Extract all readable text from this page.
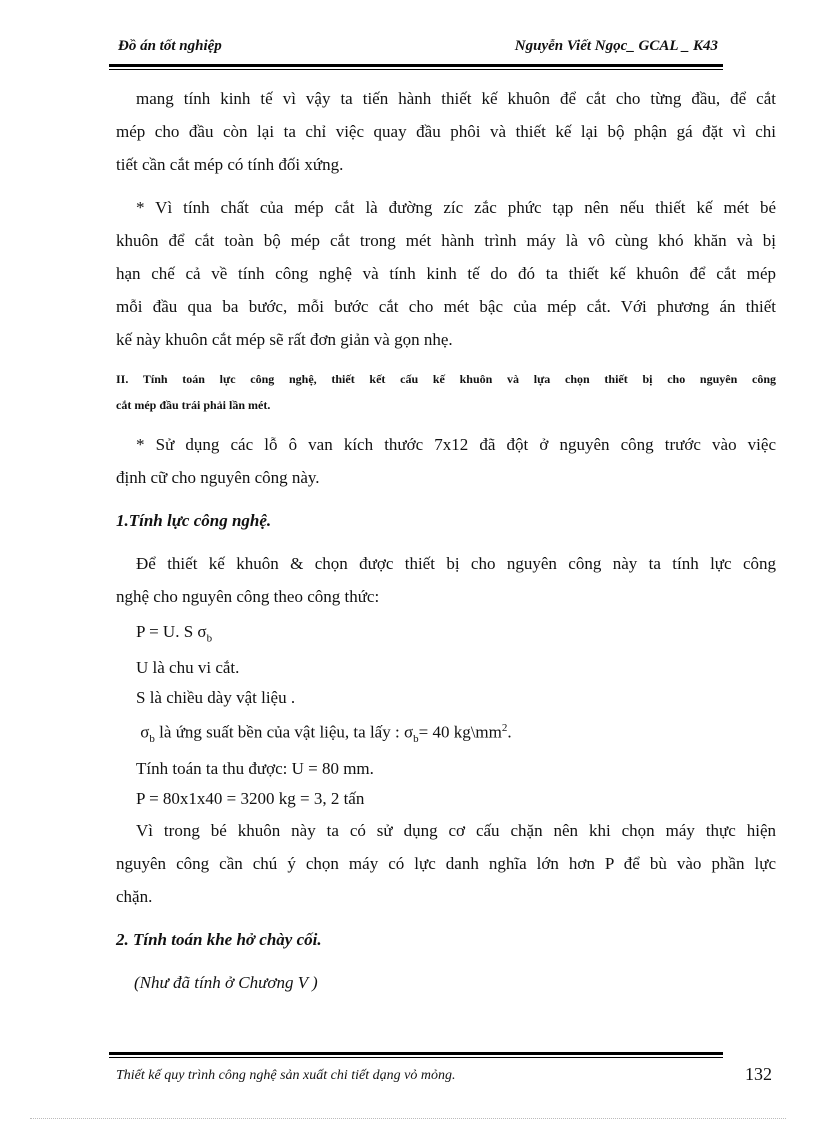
Đồ án tốt nghiệp	Nguyễn Viết Ngọc_ GCAL _ K43
mang tính kinh tế vì vậy ta tiến hành thiết kế khuôn để cắt cho từng đầu, để cắt
mép cho đầu còn lại ta chỉ việc quay đầu phôi và thiết kế lại bộ phận gá đặt vì chi
tiết cần cắt mép có tính đối xứng.
* Vì tính chất của mép cắt là đường zíc zắc phức tạp nên nếu thiết kế mét bé
khuôn để cắt toàn bộ mép cắt trong mét hành trình máy là vô cùng khó khăn và bị
hạn chế cả về tính công nghệ và tính kinh tế do đó ta thiết kế khuôn để cắt mép
mỗi đầu qua ba bước, mỗi bước cắt cho mét bậc của mép cắt. Với phương án thiết
kế này khuôn cắt mép sẽ rất đơn giản và gọn nhẹ.
II. Tính toán lực công nghệ, thiết kết cấu kế khuôn và lựa chọn thiết bị cho nguyên công
cắt mép đầu trái phải lần mét.
* Sử dụng các lỗ ô van kích thước 7x12 đã đột ở nguyên công trước vào việc
định cữ cho nguyên công này.
1.Tính lực công nghệ.
Để thiết kế khuôn & chọn được thiết bị cho nguyên công này ta tính lực công
nghệ cho nguyên công theo công thức:
P = U. S $\sigma_b$
U là chu vi cắt.
S là chiều dày vật liệu .
$\sigma_b$ là ứng suất bền của vật liệu, ta lấy : $\sigma_b= 40$ $kg\backslash mm^2$.
Tính toán ta thu được: U = 80 mm.
P = 80x1x40 = 3200 kg = 3, 2 tấn
Vì trong bé khuôn này ta có sử dụng cơ cấu chặn nên khi chọn máy thực hiện
nguyên công cần chú ý chọn máy có lực danh nghĩa lớn hơn P để bù vào phần lực
chặn.
2. Tính toán khe hở chày cối.
(Như đã tính ở Chương V )
Thiết kế quy trình công nghệ sản xuất chi tiết dạng vỏ mỏng.	132
